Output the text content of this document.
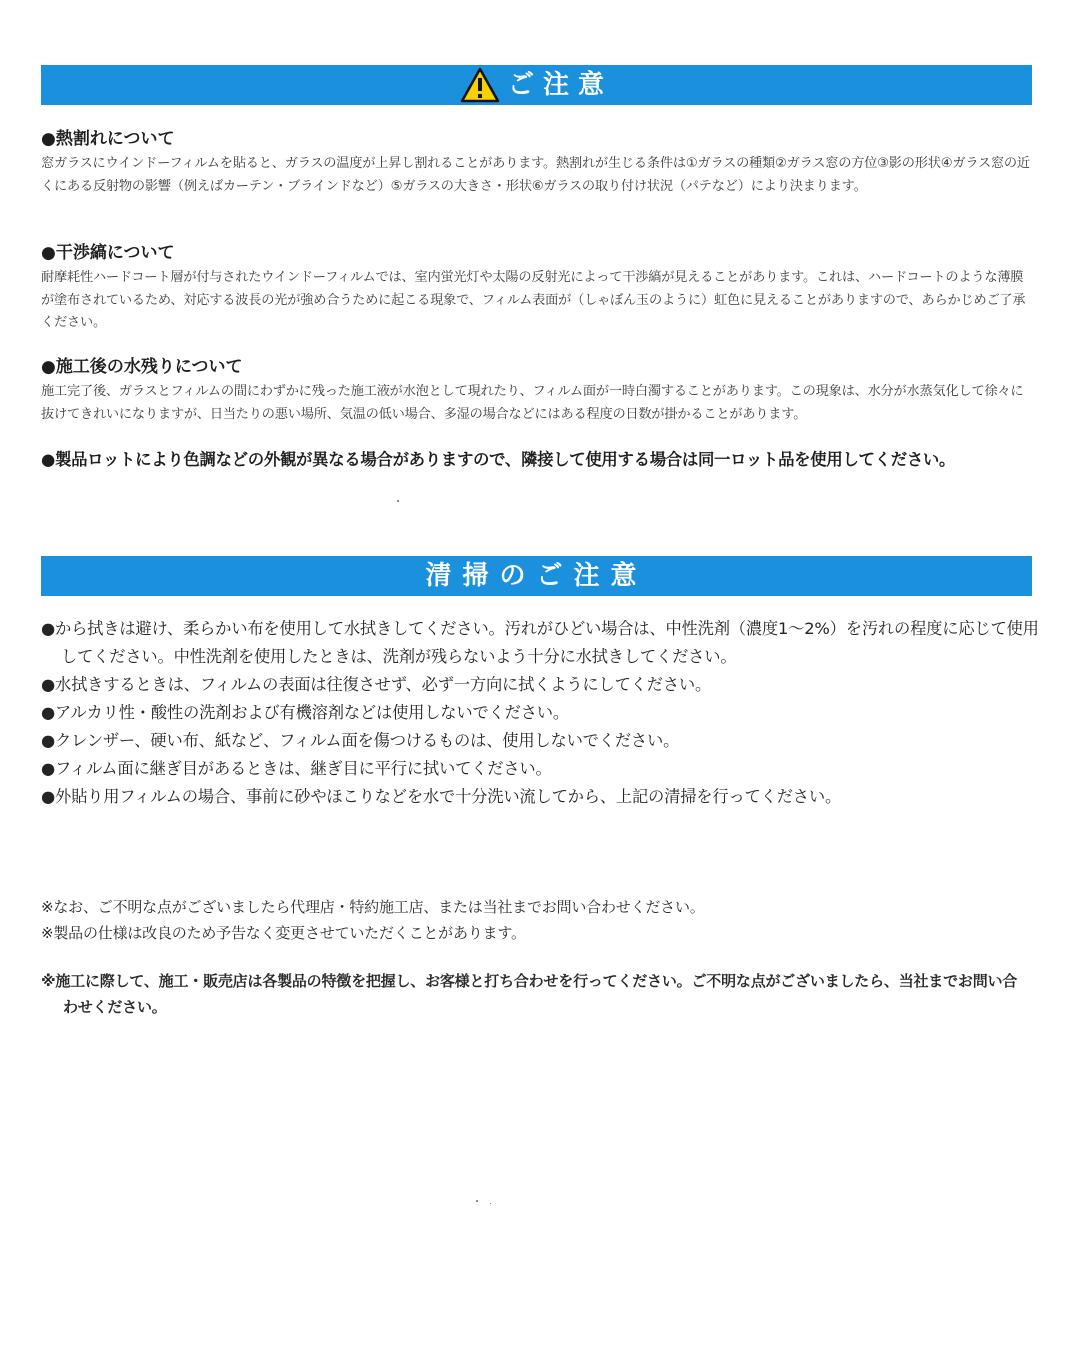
ご注意

●熱割れについて

窓ガラスにウインドーフィルムを貼ると、ガラスの温度が上昇し割れることがあります。熱割れが生じる条件は①ガラスの種類②ガラス窓の方位③影の形状④ガラス窓の近くにある反射物の影響（例えばカーテン・ブラインドなど）⑤ガラスの大きさ・形状⑥ガラスの取り付け状況（パテなど）により決まります。

●干渉縞について

耐摩耗性ハードコート層が付与されたウインドーフィルムでは、室内蛍光灯や太陽の反射光によって干渉縞が見えることがあります。これは、ハードコートのような薄膜が塗布されているため、対応する波長の光が強め合うために起こる現象で、フィルム表面が（しゃぼん玉のように）虹色に見えることがありますので、あらかじめご了承ください。

●施工後の水残りについて

施工完了後、ガラスとフィルムの間にわずかに残った施工液が水泡として現れたり、フィルム面が一時白濁することがあります。この現象は、水分が水蒸気化して徐々に抜けてきれいになりますが、日当たりの悪い場所、気温の低い場合、多湿の場合などにはある程度の日数が掛かることがあります。

●製品ロットにより色調などの外観が異なる場合がありますので、隣接して使用する場合は同一ロット品を使用してください。
清掃のご注意

●から拭きは避け、柔らかい布を使用して水拭きしてください。汚れがひどい場合は、中性洗剤（濃度1〜2%）を汚れの程度に応じて使用してください。中性洗剤を使用したときは、洗剤が残らないよう十分に水拭きしてください。

●水拭きするときは、フィルムの表面は往復させず、必ず一方向に拭くようにしてください。

●アルカリ性・酸性の洗剤および有機溶剤などは使用しないでください。

●クレンザー、硬い布、紙など、フィルム面を傷つけるものは、使用しないでください。

●フィルム面に継ぎ目があるときは、継ぎ目に平行に拭いてください。

●外貼り用フィルムの場合、事前に砂やほこりなどを水で十分洗い流してから、上記の清掃を行ってください。

※なお、ご不明な点がございましたら代理店・特約施工店、または当社までお問い合わせください。

※製品の仕様は改良のため予告なく変更させていただくことがあります。

※施工に際して、施工・販売店は各製品の特徴を把握し、お客様と打ち合わせを行ってください。ご不明な点がございましたら、当社までお問い合わせください。
